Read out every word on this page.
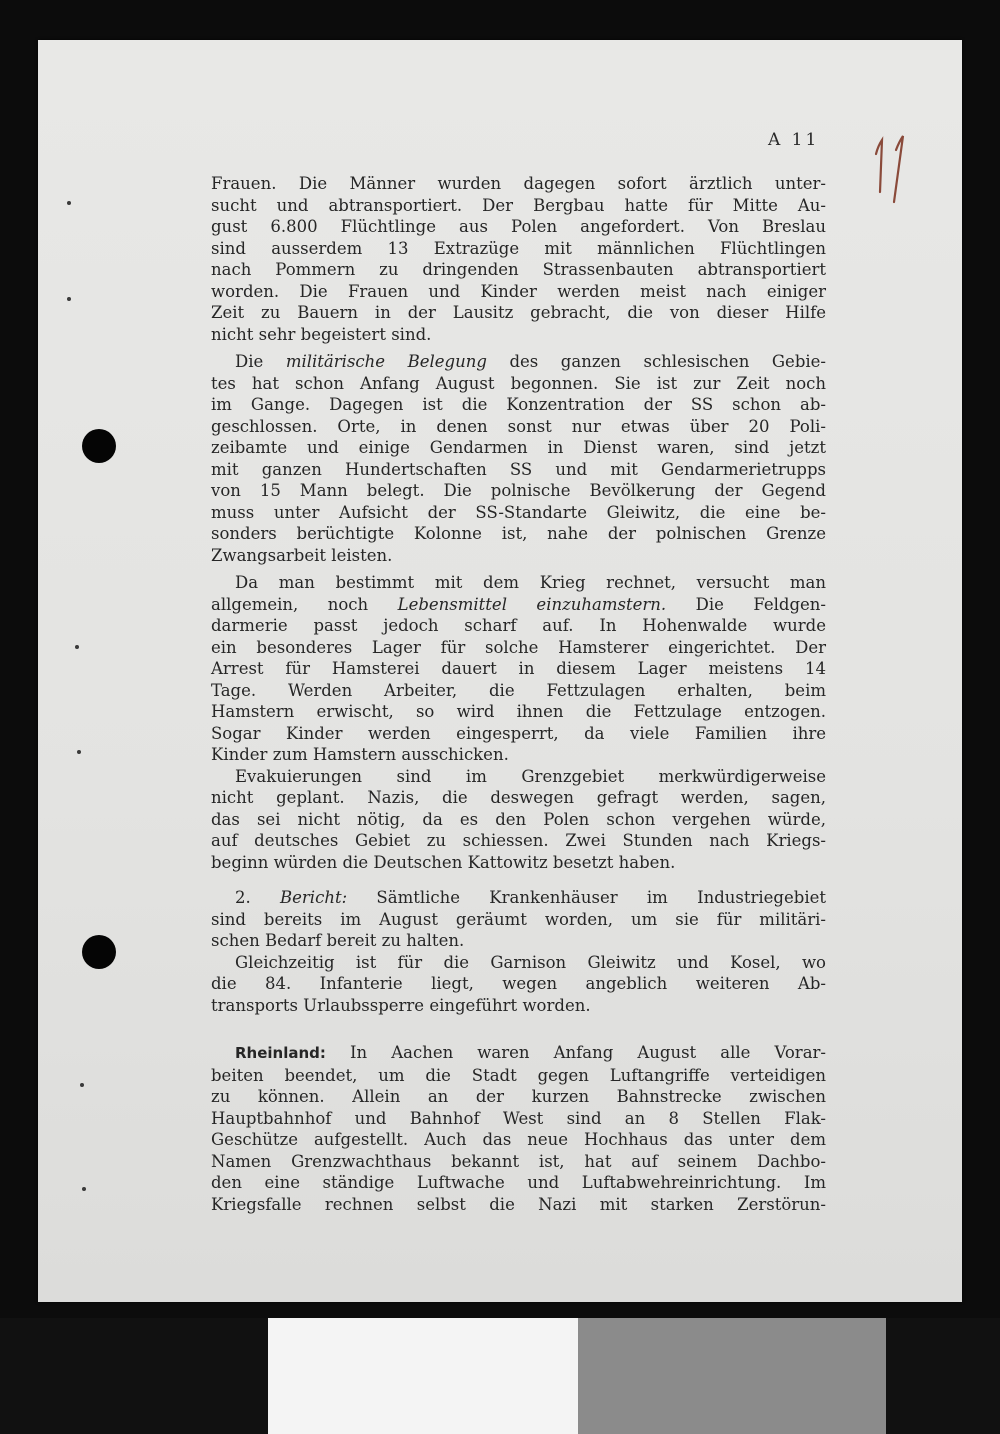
A 11
Frauen. Die Männer wurden dagegen sofort ärztlich unter-
sucht und abtransportiert. Der Bergbau hatte für Mitte Au-
gust 6.800 Flüchtlinge aus Polen angefordert. Von Breslau
sind ausserdem 13 Extrazüge mit männlichen Flüchtlingen
nach Pommern zu dringenden Strassenbauten abtransportiert
worden. Die Frauen und Kinder werden meist nach einiger
Zeit zu Bauern in der Lausitz gebracht, die von dieser Hilfe
nicht sehr begeistert sind.
Die militärische Belegung des ganzen schlesischen Gebie-
tes hat schon Anfang August begonnen. Sie ist zur Zeit noch
im Gange. Dagegen ist die Konzentration der SS schon ab-
geschlossen. Orte, in denen sonst nur etwas über 20 Poli-
zeibamte und einige Gendarmen in Dienst waren, sind jetzt
mit ganzen Hundertschaften SS und mit Gendarmerietrupps
von 15 Mann belegt. Die polnische Bevölkerung der Gegend
muss unter Aufsicht der SS-Standarte Gleiwitz, die eine be-
sonders berüchtigte Kolonne ist, nahe der polnischen Grenze
Zwangsarbeit leisten.
Da man bestimmt mit dem Krieg rechnet, versucht man
allgemein, noch Lebensmittel einzuhamstern. Die Feldgen-
darmerie passt jedoch scharf auf. In Hohenwalde wurde
ein besonderes Lager für solche Hamsterer eingerichtet. Der
Arrest für Hamsterei dauert in diesem Lager meistens 14
Tage. Werden Arbeiter, die Fettzulagen erhalten, beim
Hamstern erwischt, so wird ihnen die Fettzulage entzogen.
Sogar Kinder werden eingesperrt, da viele Familien ihre
Kinder zum Hamstern ausschicken.
Evakuierungen sind im Grenzgebiet merkwürdigerweise
nicht geplant. Nazis, die deswegen gefragt werden, sagen,
das sei nicht nötig, da es den Polen schon vergehen würde,
auf deutsches Gebiet zu schiessen. Zwei Stunden nach Kriegs-
beginn würden die Deutschen Kattowitz besetzt haben.
2. Bericht: Sämtliche Krankenhäuser im Industriegebiet
sind bereits im August geräumt worden, um sie für militäri-
schen Bedarf bereit zu halten.
Gleichzeitig ist für die Garnison Gleiwitz und Kosel, wo
die 84. Infanterie liegt, wegen angeblich weiteren Ab-
transports Urlaubssperre eingeführt worden.
Rheinland: In Aachen waren Anfang August alle Vorar-
beiten beendet, um die Stadt gegen Luftangriffe verteidigen
zu können. Allein an der kurzen Bahnstrecke zwischen
Hauptbahnhof und Bahnhof West sind an 8 Stellen Flak-
Geschütze aufgestellt. Auch das neue Hochhaus das unter dem
Namen Grenzwachthaus bekannt ist, hat auf seinem Dachbo-
den eine ständige Luftwache und Luftabwehreinrichtung. Im
Kriegsfalle rechnen selbst die Nazi mit starken Zerstörun-
